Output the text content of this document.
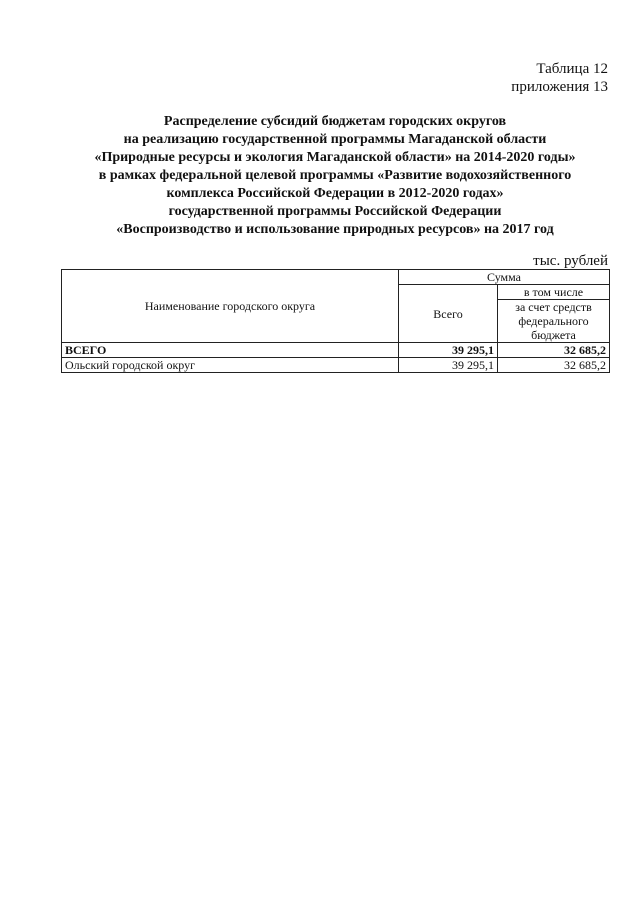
Таблица 12
приложения 13
Распределение субсидий бюджетам городских округов
на реализацию государственной программы Магаданской области
«Природные ресурсы и экология Магаданской области» на 2014-2020 годы»
в рамках федеральной целевой программы «Развитие водохозяйственного
комплекса Российской Федерации в 2012-2020 годах»
государственной программы Российской Федерации
«Воспроизводство и использование природных ресурсов» на 2017 год
тыс. рублей
Наименование городского округа	Сумма	
	Всего	в том числе

		за счет средств
федерального
бюджета

ВСЕГО	39 295,1	32 685,2
Ольский городской округ	39 295,1	32 685,2
